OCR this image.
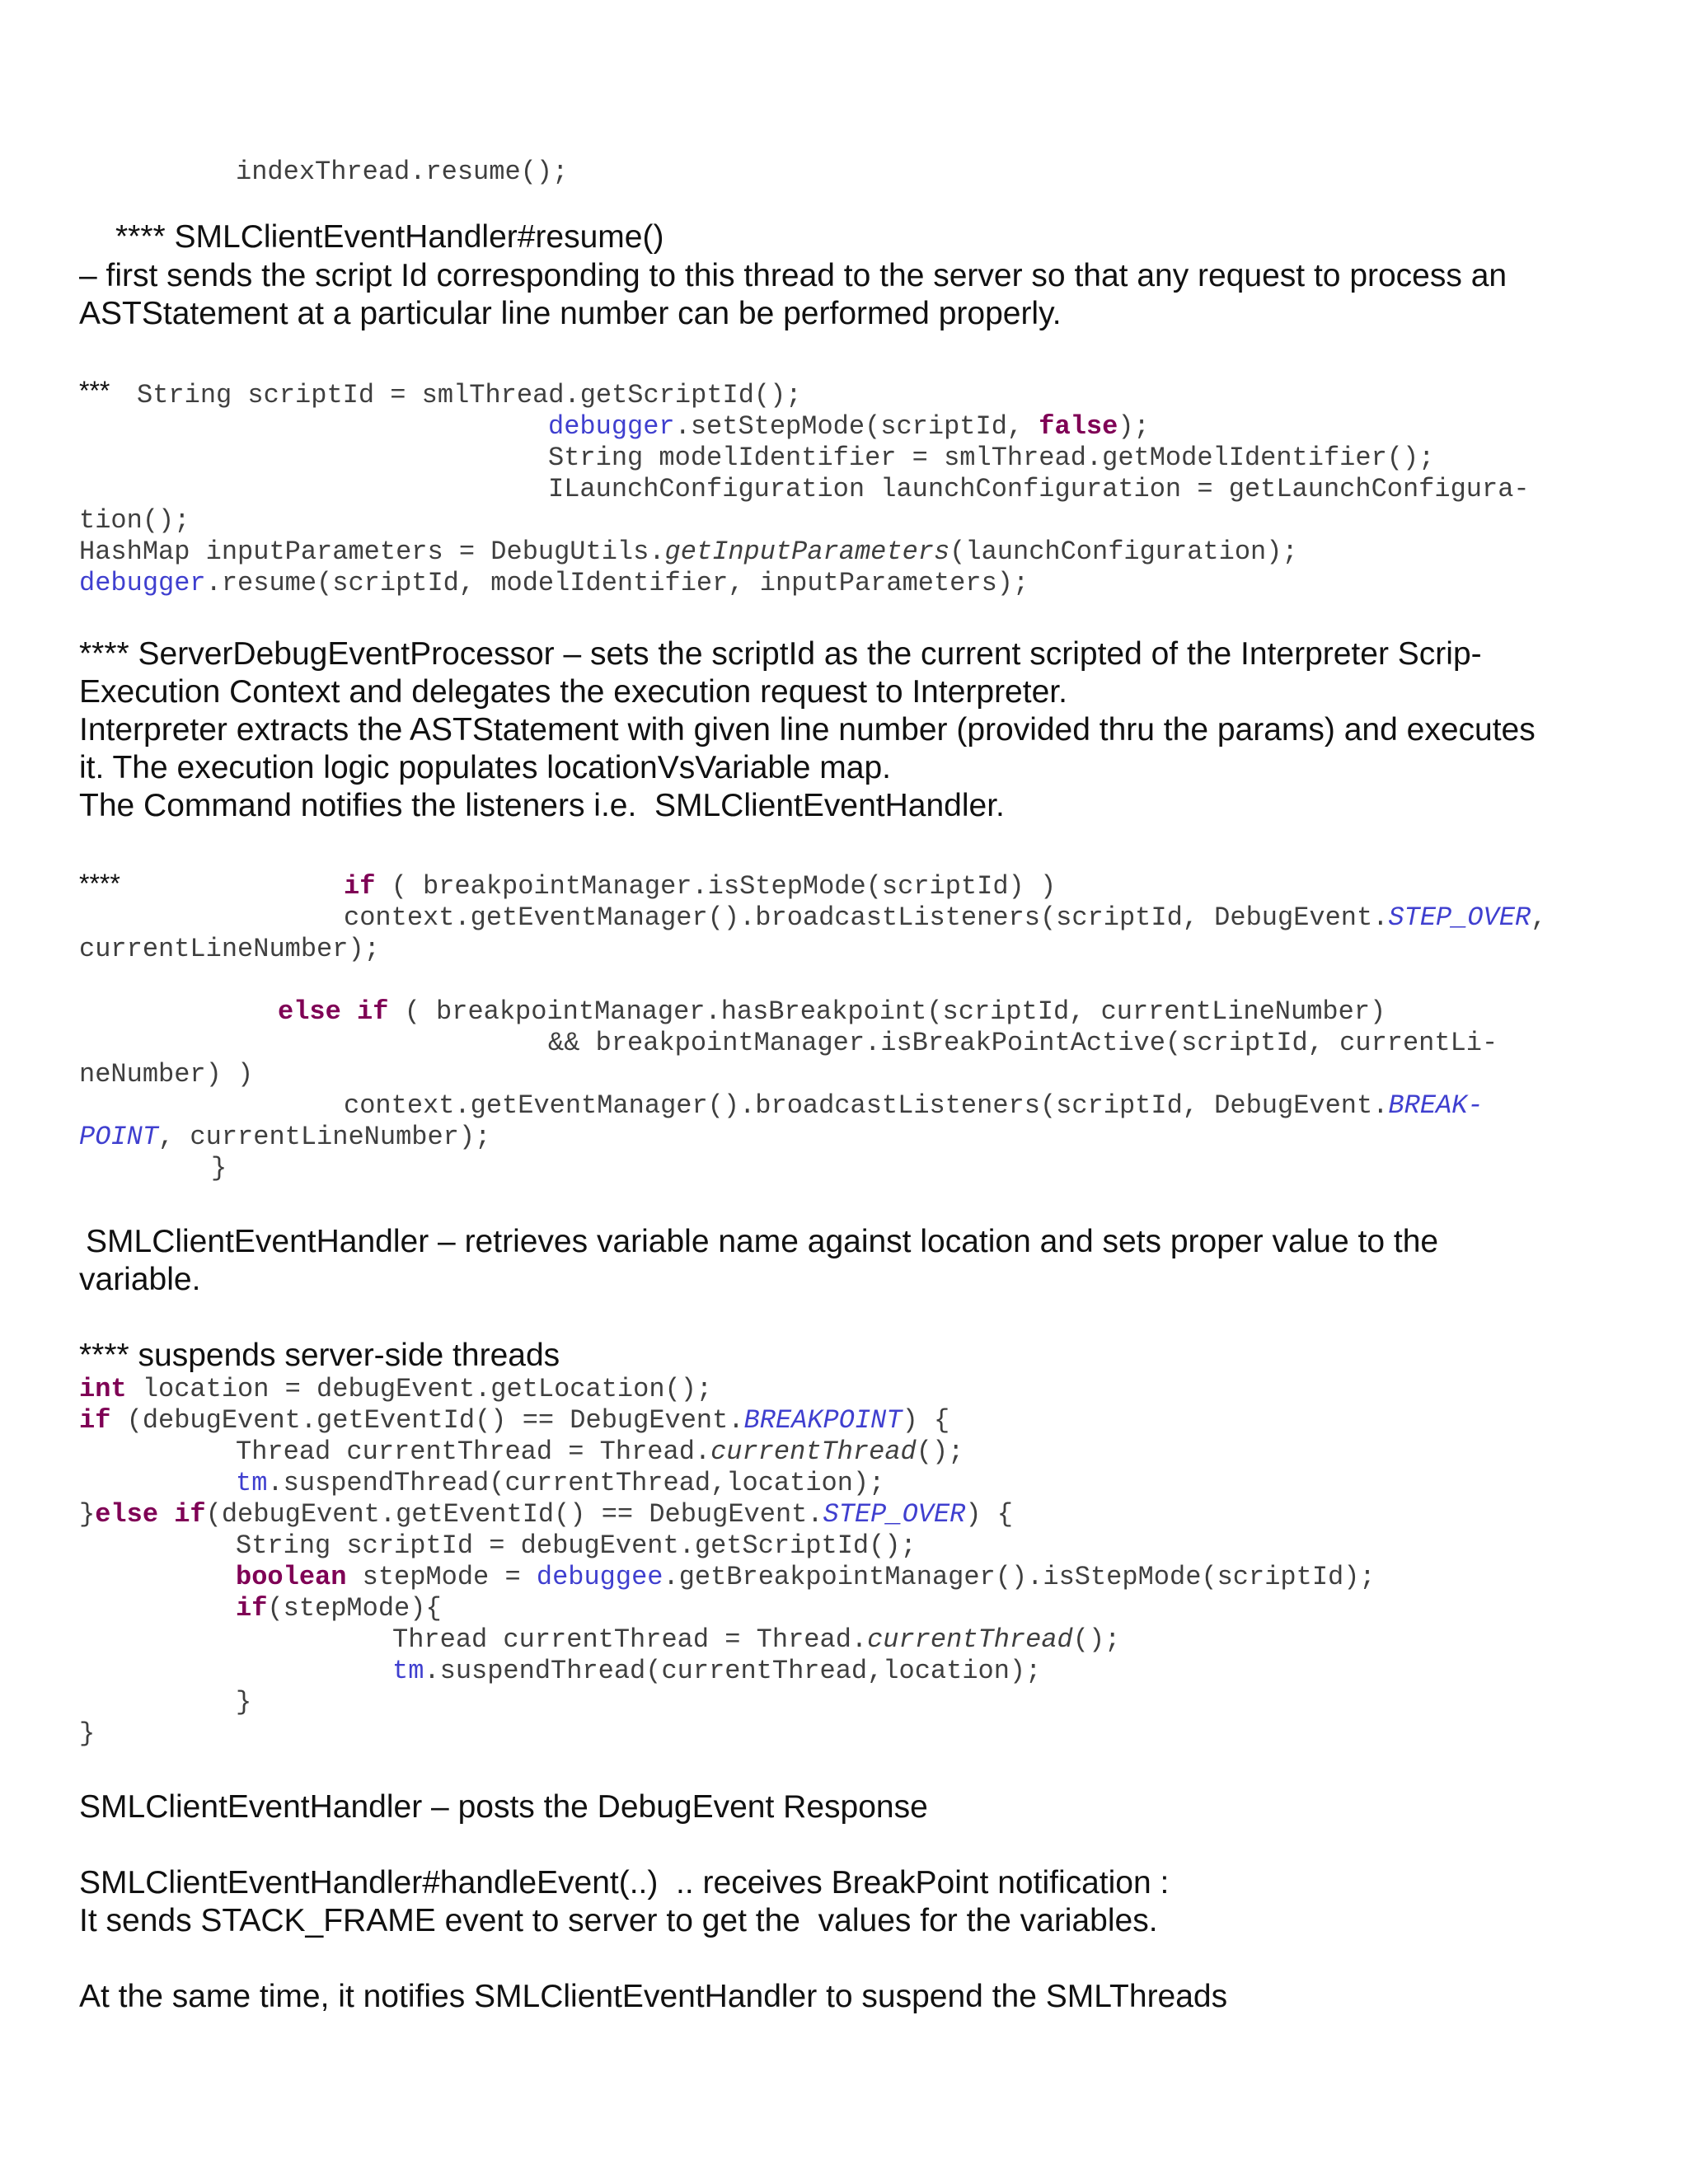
indexThread.resume();
**** SMLClientEventHandler#resume()
– first sends the script Id corresponding to this thread to the server so that any request to process an
ASTStatement at a particular line number can be performed properly.
*** String scriptId = smlThread.getScriptId();
debugger.setStepMode(scriptId, false);
String modelIdentifier = smlThread.getModelIdentifier();
ILaunchConfiguration launchConfiguration = getLaunchConfigura-
tion();
HashMap inputParameters = DebugUtils.getInputParameters(launchConfiguration);
debugger.resume(scriptId, modelIdentifier, inputParameters);
**** ServerDebugEventProcessor – sets the scriptId as the current scripted of the Interpreter Scrip-
Execution Context and delegates the execution request to Interpreter.
Interpreter extracts the ASTStatement with given line number (provided thru the params) and executes
it. The execution logic populates locationVsVariable map.
The Command notifies the listeners i.e.  SMLClientEventHandler.
****	if ( breakpointManager.isStepMode(scriptId) )
context.getEventManager().broadcastListeners(scriptId, DebugEvent.STEP_OVER,
currentLineNumber);
else if ( breakpointManager.hasBreakpoint(scriptId, currentLineNumber)
&& breakpointManager.isBreakPointActive(scriptId, currentLi-
neNumber) )
context.getEventManager().broadcastListeners(scriptId, DebugEvent.BREAK-
POINT, currentLineNumber);
}
SMLClientEventHandler – retrieves variable name against location and sets proper value to the
variable.
**** suspends server-side threads
int location = debugEvent.getLocation();
if (debugEvent.getEventId() == DebugEvent.BREAKPOINT) {
Thread currentThread = Thread.currentThread();
tm.suspendThread(currentThread,location);
}else if(debugEvent.getEventId() == DebugEvent.STEP_OVER) {
String scriptId = debugEvent.getScriptId();
boolean stepMode = debuggee.getBreakpointManager().isStepMode(scriptId);
if(stepMode){
Thread currentThread = Thread.currentThread();
tm.suspendThread(currentThread,location);
}
}
SMLClientEventHandler – posts the DebugEvent Response
SMLClientEventHandler#handleEvent(..)  .. receives BreakPoint notification :
It sends STACK_FRAME event to server to get the  values for the variables.
At the same time, it notifies SMLClientEventHandler to suspend the SMLThreads
